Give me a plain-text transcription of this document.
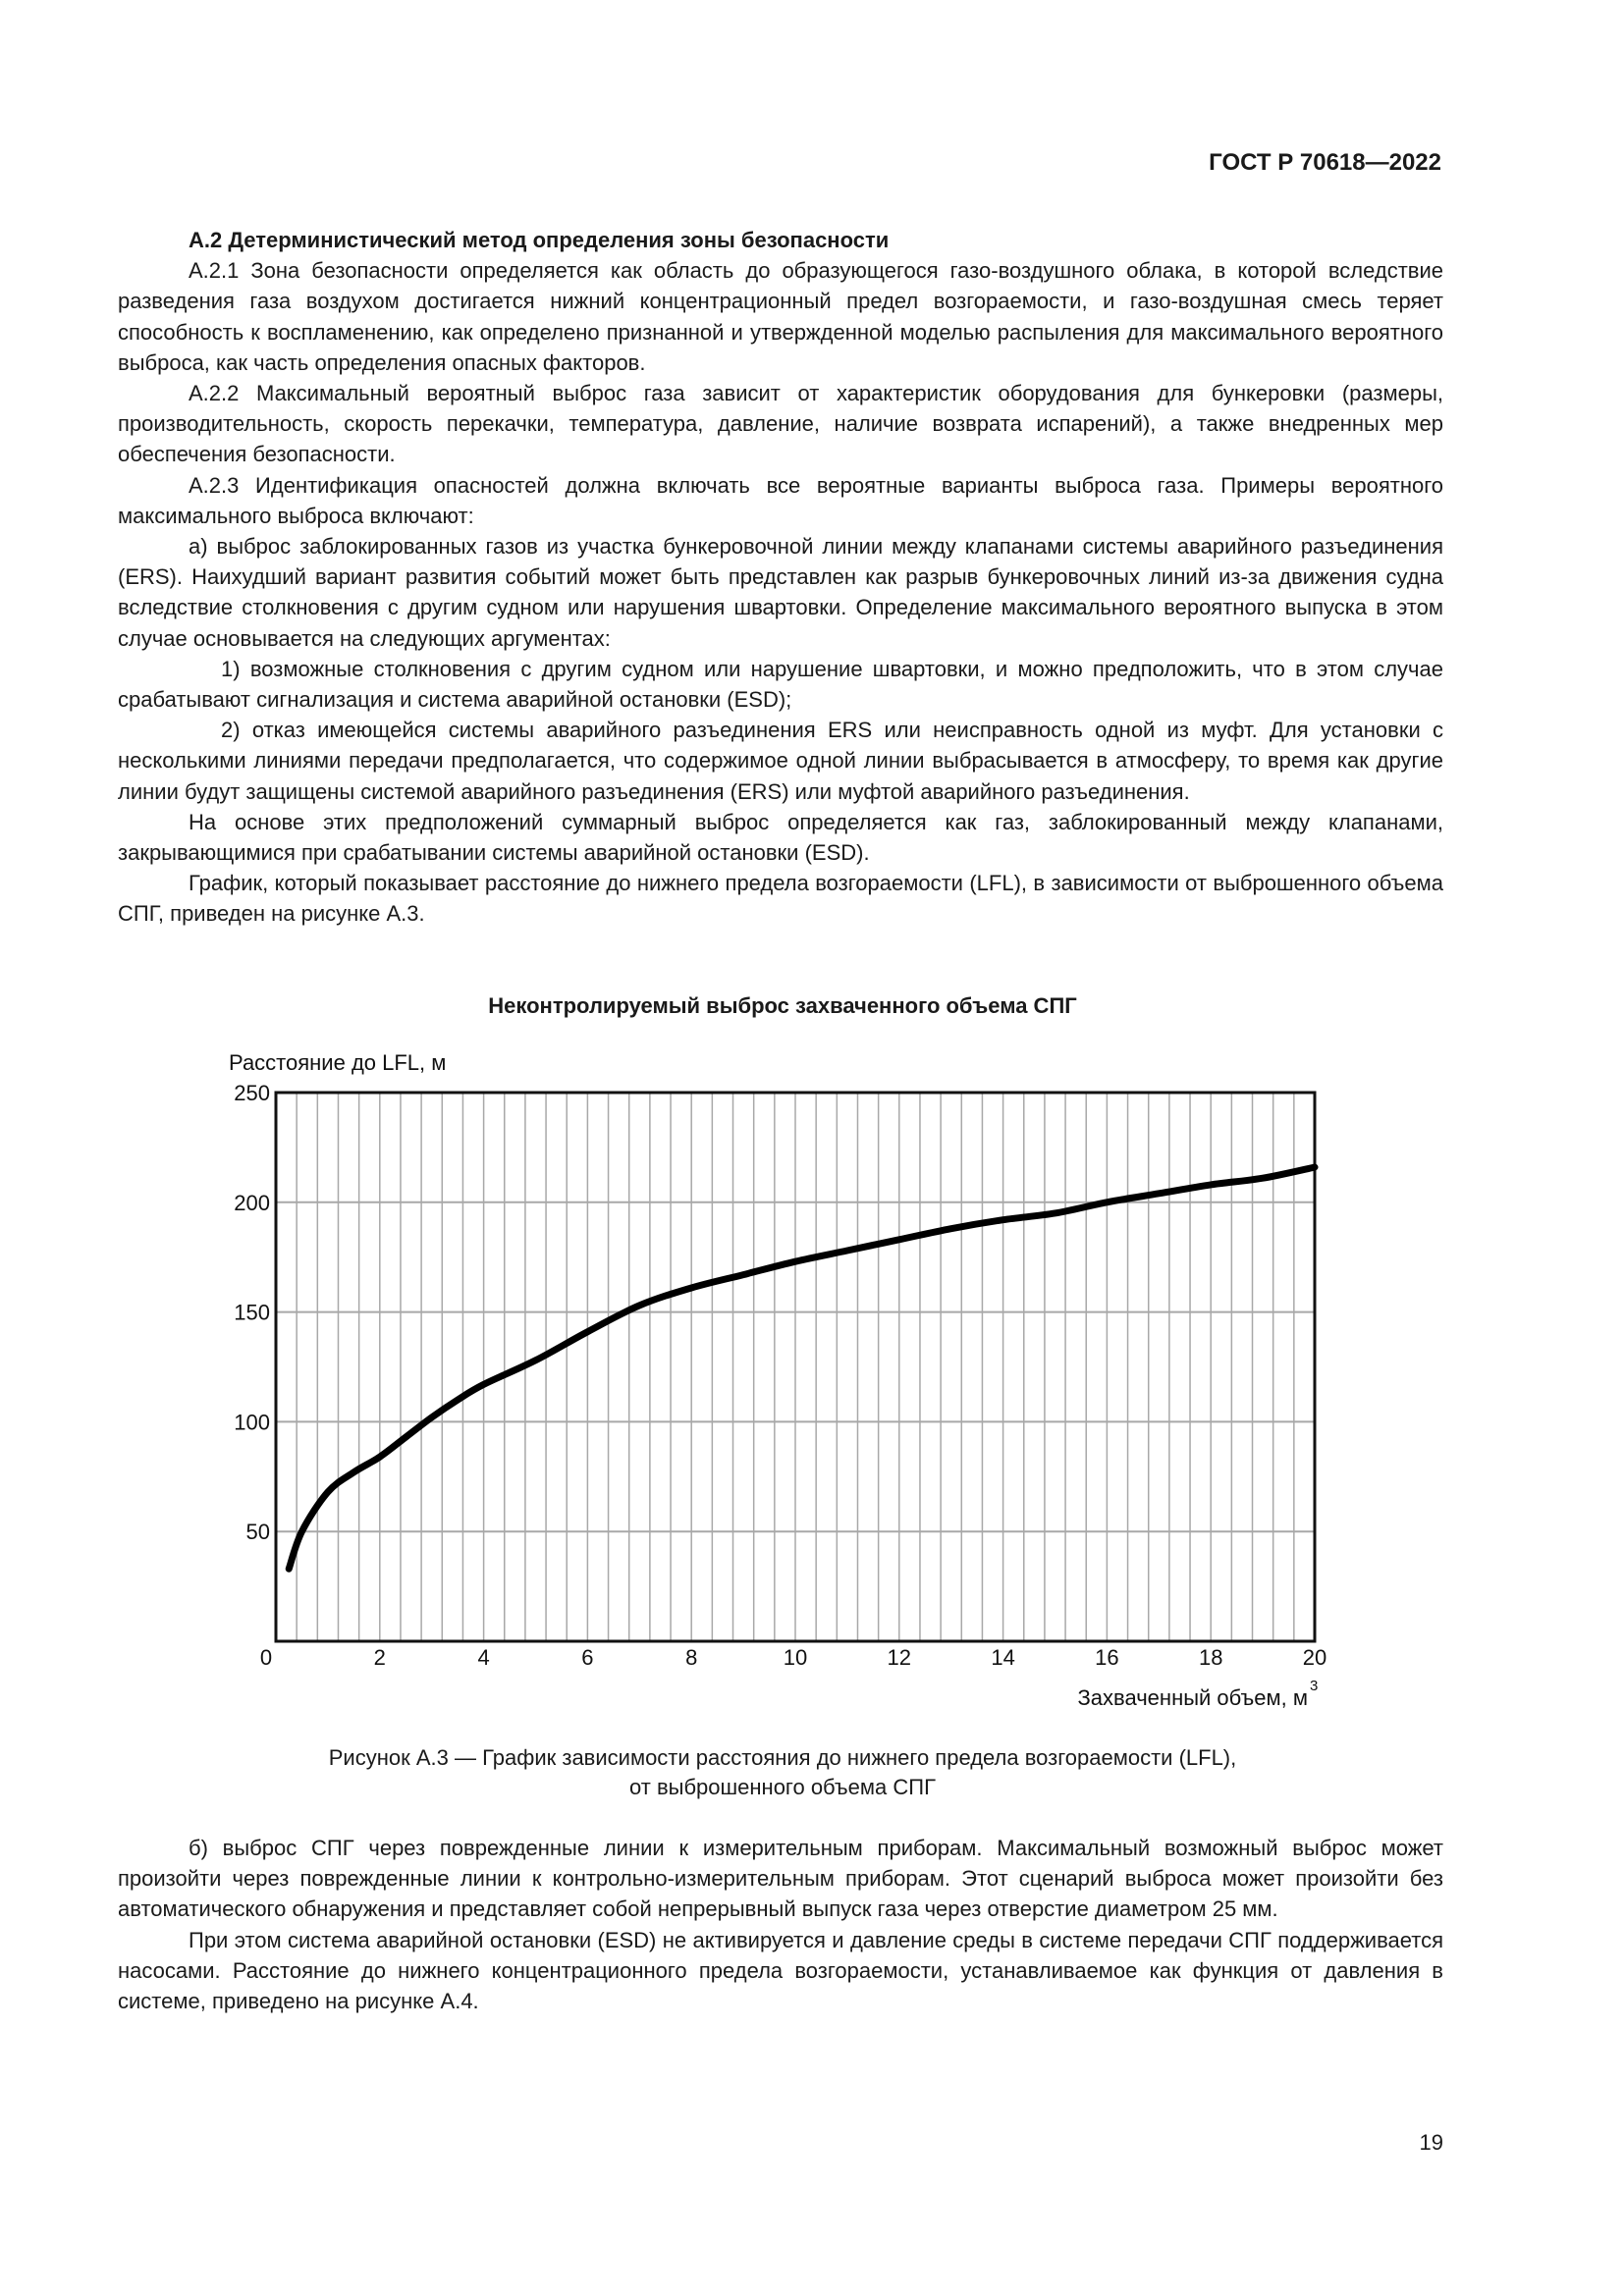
ГОСТ Р 70618—2022

А.2 Детерминистический метод определения зоны безопасности

А.2.1 Зона безопасности определяется как область до образующегося газо-воздушного облака, в которой вследствие разведения газа воздухом достигается нижний концентрационный предел возгораемости, и газо-воздушная смесь теряет способность к воспламенению, как определено признанной и утвержденной моделью распыления для максимального вероятного выброса, как часть определения опасных факторов.

А.2.2 Максимальный вероятный выброс газа зависит от характеристик оборудования для бункеровки (размеры, производительность, скорость перекачки, температура, давление, наличие возврата испарений), а также внедренных мер обеспечения безопасности.

А.2.3 Идентификация опасностей должна включать все вероятные варианты выброса газа. Примеры вероятного максимального выброса включают:

а) выброс заблокированных газов из участка бункеровочной линии между клапанами системы аварийного разъединения (ERS). Наихудший вариант развития событий может быть представлен как разрыв бункеровочных линий из-за движения судна вследствие столкновения с другим судном или нарушения швартовки. Определение максимального вероятного выпуска в этом случае основывается на следующих аргументах:

1) возможные столкновения с другим судном или нарушение швартовки, и можно предположить, что в этом случае срабатывают сигнализация и система аварийной остановки (ESD);

2) отказ имеющейся системы аварийного разъединения ERS или неисправность одной из муфт. Для установки с несколькими линиями передачи предполагается, что содержимое одной линии выбрасывается в атмосферу, то время как другие линии будут защищены системой аварийного разъединения (ERS) или муфтой аварийного разъединения.

На основе этих предположений суммарный выброс определяется как газ, заблокированный между клапанами, закрывающимися при срабатывании системы аварийной остановки (ESD).

График, который показывает расстояние до нижнего предела возгораемости (LFL), в зависимости от выброшенного объема СПГ, приведен на рисунке А.3.

Неконтролируемый выброс захваченного объема СПГ
250
200
150
100
50
0	2	4	6	8	10	12	14	16	18	20
Расстояние до LFL, м
Захваченный объем, м 3
Рисунок А.3 — График зависимости расстояния до нижнего предела возгораемости (LFL),
от выброшенного объема СПГ

б) выброс СПГ через поврежденные линии к измерительным приборам. Максимальный возможный выброс может произойти через поврежденные линии к контрольно-измерительным приборам. Этот сценарий выброса может произойти без автоматического обнаружения и представляет собой непрерывный выпуск газа через отверстие диаметром 25 мм.

При этом система аварийной остановки (ESD) не активируется и давление среды в системе передачи СПГ поддерживается насосами. Расстояние до нижнего концентрационного предела возгораемости, устанавливаемое как функция от давления в системе, приведено на рисунке А.4.

19
